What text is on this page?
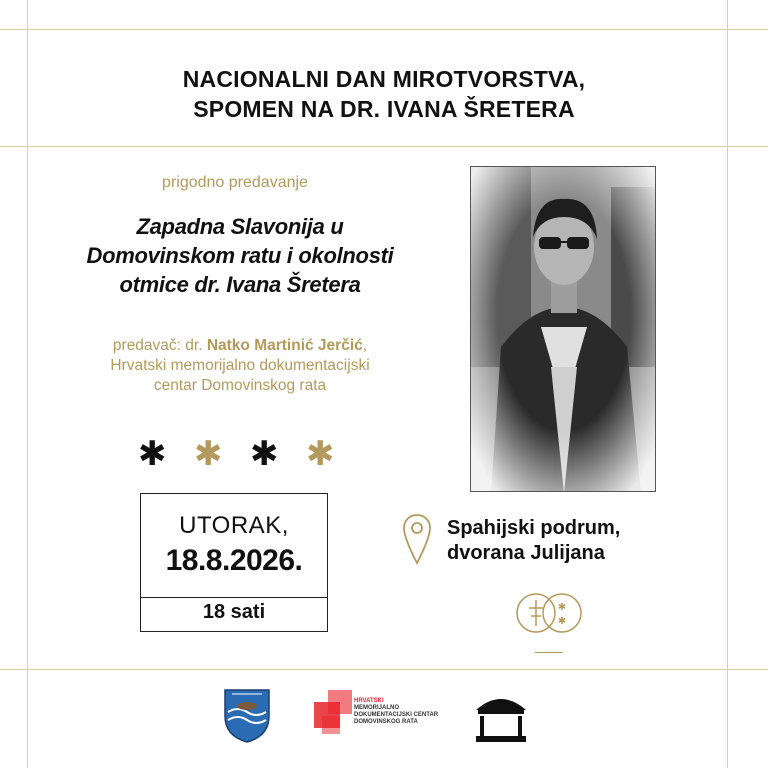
NACIONALNI DAN MIROTVORSTVA,
SPOMEN NA DR. IVANA ŠRETERA
prigodno predavanje
Zapadna Slavonija u
Domovinskom ratu i okolnosti
otmice dr. Ivana Šretera
predavač: dr. Natko Martinić Jerčić,
Hrvatski memorijalno dokumentacijski
centar Domovinskog rata
✱ ✱ ✱ ✱
UTORAK,
18.8.2026.
18 sati
Spahijski podrum,
dvorana Julijana
✱
✱
HRVATSKI
MEMORIJALNO
DOKUMENTACIJSKI CENTAR
DOMOVINSKOG RATA
